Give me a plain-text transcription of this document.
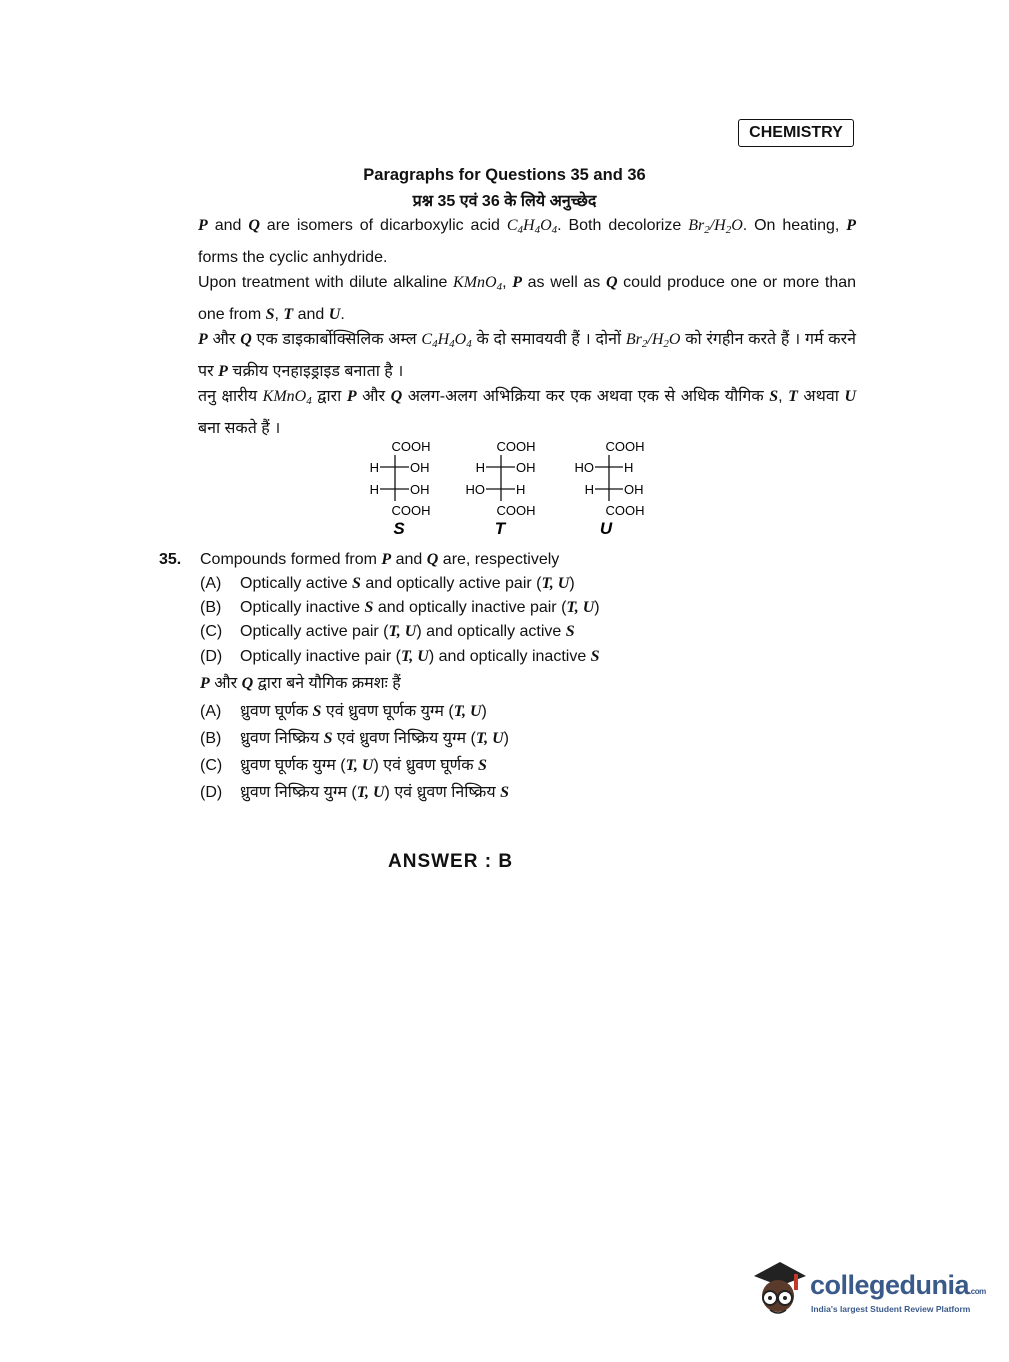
CHEMISTRY
Paragraphs for Questions 35 and 36
प्रश्न 35 एवं 36 के लिये अनुच्छेद
P and Q are isomers of dicarboxylic acid $C_4H_4O_4$. Both decolorize $Br_2/H_2O$. On heating, P forms the cyclic anhydride.
Upon treatment with dilute alkaline KMnO$_4$, P as well as Q could produce one or more than one from S, T and U.
P और Q एक डाइकार्बोक्सिलिक अम्ल $C_4H_4O_4$ के दो समावयवी हैं । दोनों $Br_2/H_2O$ को रंगहीन करते हैं । गर्म करने पर P चक्रीय एनहाइड्राइड बनाता है ।
तनु क्षारीय KMnO$_4$ द्वारा P और Q अलग-अलग अभिक्रिया कर एक अथवा एक से अधिक यौगिक S, T अथवा U बना सकते हैं ।
COOH
H OH
H OH
COOH
S
COOH
H OH
HO H
COOH
T
COOH
HO H
H OH
COOH
U
35. Compounds formed from P and Q are, respectively
(A) Optically active S and optically active pair (T, U)
(B) Optically inactive S and optically inactive pair (T, U)
(C) Optically active pair (T, U) and optically active S
(D) Optically inactive pair (T, U) and optically inactive S
P और Q द्वारा बने यौगिक क्रमशः हैं
(A) ध्रुवण घूर्णक S एवं ध्रुवण घूर्णक युग्म (T, U)
(B) ध्रुवण निष्क्रिय S एवं ध्रुवण निष्क्रिय युग्म (T, U)
(C) ध्रुवण घूर्णक युग्म (T, U) एवं ध्रुवण घूर्णक S
(D) ध्रुवण निष्क्रिय युग्म (T, U) एवं ध्रुवण निष्क्रिय S
ANSWER : B
collegedunia.com
India's largest Student Review Platform
